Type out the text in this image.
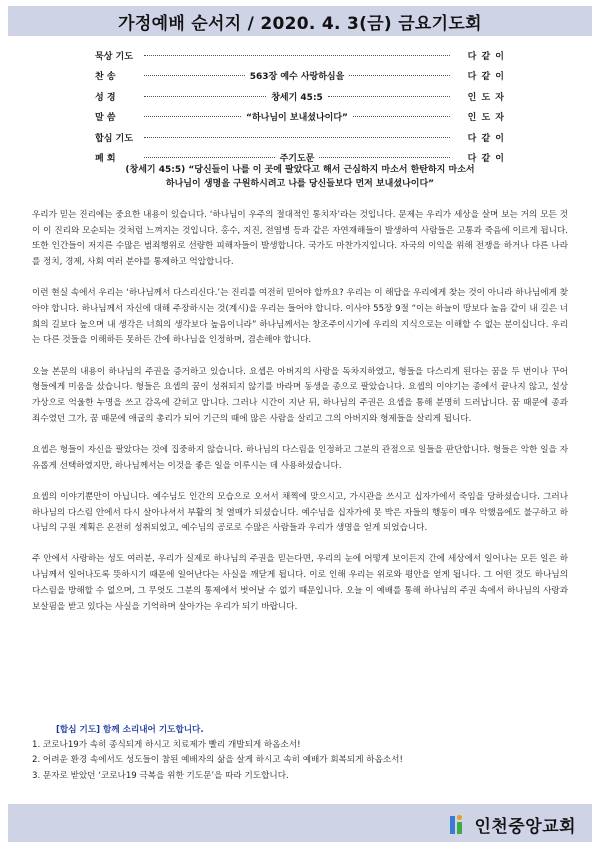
가정예배 순서지 / 2020. 4. 3(금) 금요기도회
묵상 기도	다 같 이
찬 송	563장 예수 사랑하심을	다 같 이
성 경	창세기 45:5	인 도 자
말 씀	“하나님이 보내셨나이다”	인 도 자
합심 기도	다 같 이
폐 회	주기도문	다 같 이
(창세기 45:5) “당신들이 나를 이 곳에 팔았다고 해서 근심하지 마소서 한탄하지 마소서
하나님이 생명을 구원하시려고 나를 당신들보다 먼저 보내셨나이다”

우리가 믿는 진리에는 중요한 내용이 있습니다. ‘하나님이 우주의 절대적인 통치자’라는 것입니다. 문제는 우리가 세상을 살며 보는 거의 모든 것이 이 진리와 모순되는 것처럼 느껴지는 것입니다. 홍수, 지진, 전염병 등과 같은 자연재해들이 발생하여 사람들은 고통과 죽음에 이르게 됩니다. 또한 인간들이 저지른 수많은 범죄행위로 선량한 피해자들이 발생합니다. 국가도 마찬가지입니다. 자국의 이익을 위해 전쟁을 하거나 다른 나라를 정치, 경제, 사회 여러 분야를 통제하고 억압합니다.

이런 현실 속에서 우리는 ‘하나님께서 다스리신다.’는 진리를 여전히 믿어야 할까요? 우리는 이 해답을 우리에게 찾는 것이 아니라 하나님에게 찾아야 합니다. 하나님께서 자신에 대해 주장하시는 것(계시)을 우리는 들어야 합니다. 이사야 55장 9절 “이는 하늘이 땅보다 높음 같이 내 길은 너희의 길보다 높으며 내 생각은 너희의 생각보다 높음이니라” 하나님께서는 창조주이시기에 우리의 지식으로는 이해할 수 없는 분이십니다. 우리는 다른 것들을 이해하든 못하든 간에 하나님을 인정하며, 겸손해야 합니다.

오늘 본문의 내용이 하나님의 주권을 증거하고 있습니다. 요셉은 아버지의 사랑을 독차지하였고, 형들을 다스리게 된다는 꿈을 두 번이나 꾸어 형들에게 미움을 샀습니다. 형들은 요셉의 꿈이 성취되지 않기를 바라며 동생을 종으로 팔았습니다. 요셉의 이야기는 종에서 끝나지 않고, 설상가상으로 억울한 누명을 쓰고 감옥에 갇히고 맙니다. 그러나 시간이 지난 뒤, 하나님의 주권은 요셉을 통해 분명히 드러납니다. 꿈 때문에 종과 죄수였던 그가, 꿈 때문에 애굽의 총리가 되어 기근의 때에 많은 사람을 살리고 그의 아버지와 형제들을 살리게 됩니다.

요셉은 형들이 자신을 팔았다는 것에 집중하지 않습니다. 하나님의 다스림을 인정하고 그분의 관점으로 일들을 판단합니다. 형들은 악한 일을 자유롭게 선택하였지만, 하나님께서는 이것을 좋은 일을 이루시는 데 사용하셨습니다.

요셉의 이야기뿐만이 아닙니다. 예수님도 인간의 모습으로 오셔서 채찍에 맞으시고, 가시관을 쓰시고 십자가에서 죽임을 당하셨습니다. 그러나 하나님의 다스림 안에서 다시 살아나셔서 부활의 첫 열매가 되셨습니다. 예수님을 십자가에 못 박은 자들의 행동이 매우 악했음에도 불구하고 하나님의 구원 계획은 온전히 성취되었고, 예수님의 공로로 수많은 사람들과 우리가 생명을 얻게 되었습니다.

주 안에서 사랑하는 성도 여러분, 우리가 실제로 하나님의 주권을 믿는다면, 우리의 눈에 어떻게 보이든지 간에 세상에서 일어나는 모든 일은 하나님께서 일어나도록 뜻하시기 때문에 일어난다는 사실을 깨닫게 됩니다. 이로 인해 우리는 위로와 평안을 얻게 됩니다. 그 어떤 것도 하나님의 다스림을 방해할 수 없으며, 그 무엇도 그분의 통제에서 벗어날 수 없기 때문입니다. 오늘 이 예배를 통해 하나님의 주권 속에서 하나님의 사랑과 보살핌을 받고 있다는 사실을 기억하며 살아가는 우리가 되기 바랍니다.

[합심 기도] 함께 소리내어 기도합니다.
1. 코로나19가 속히 종식되게 하시고 치료제가 빨리 개발되게 하옵소서!
2. 어려운 환경 속에서도 성도들이 참된 예배자의 삶을 살게 하시고 속히 예배가 회복되게 하옵소서!
3. 문자로 받았던 ‘코로나19 극복을 위한 기도문’을 따라 기도합니다.
인천중앙교회
